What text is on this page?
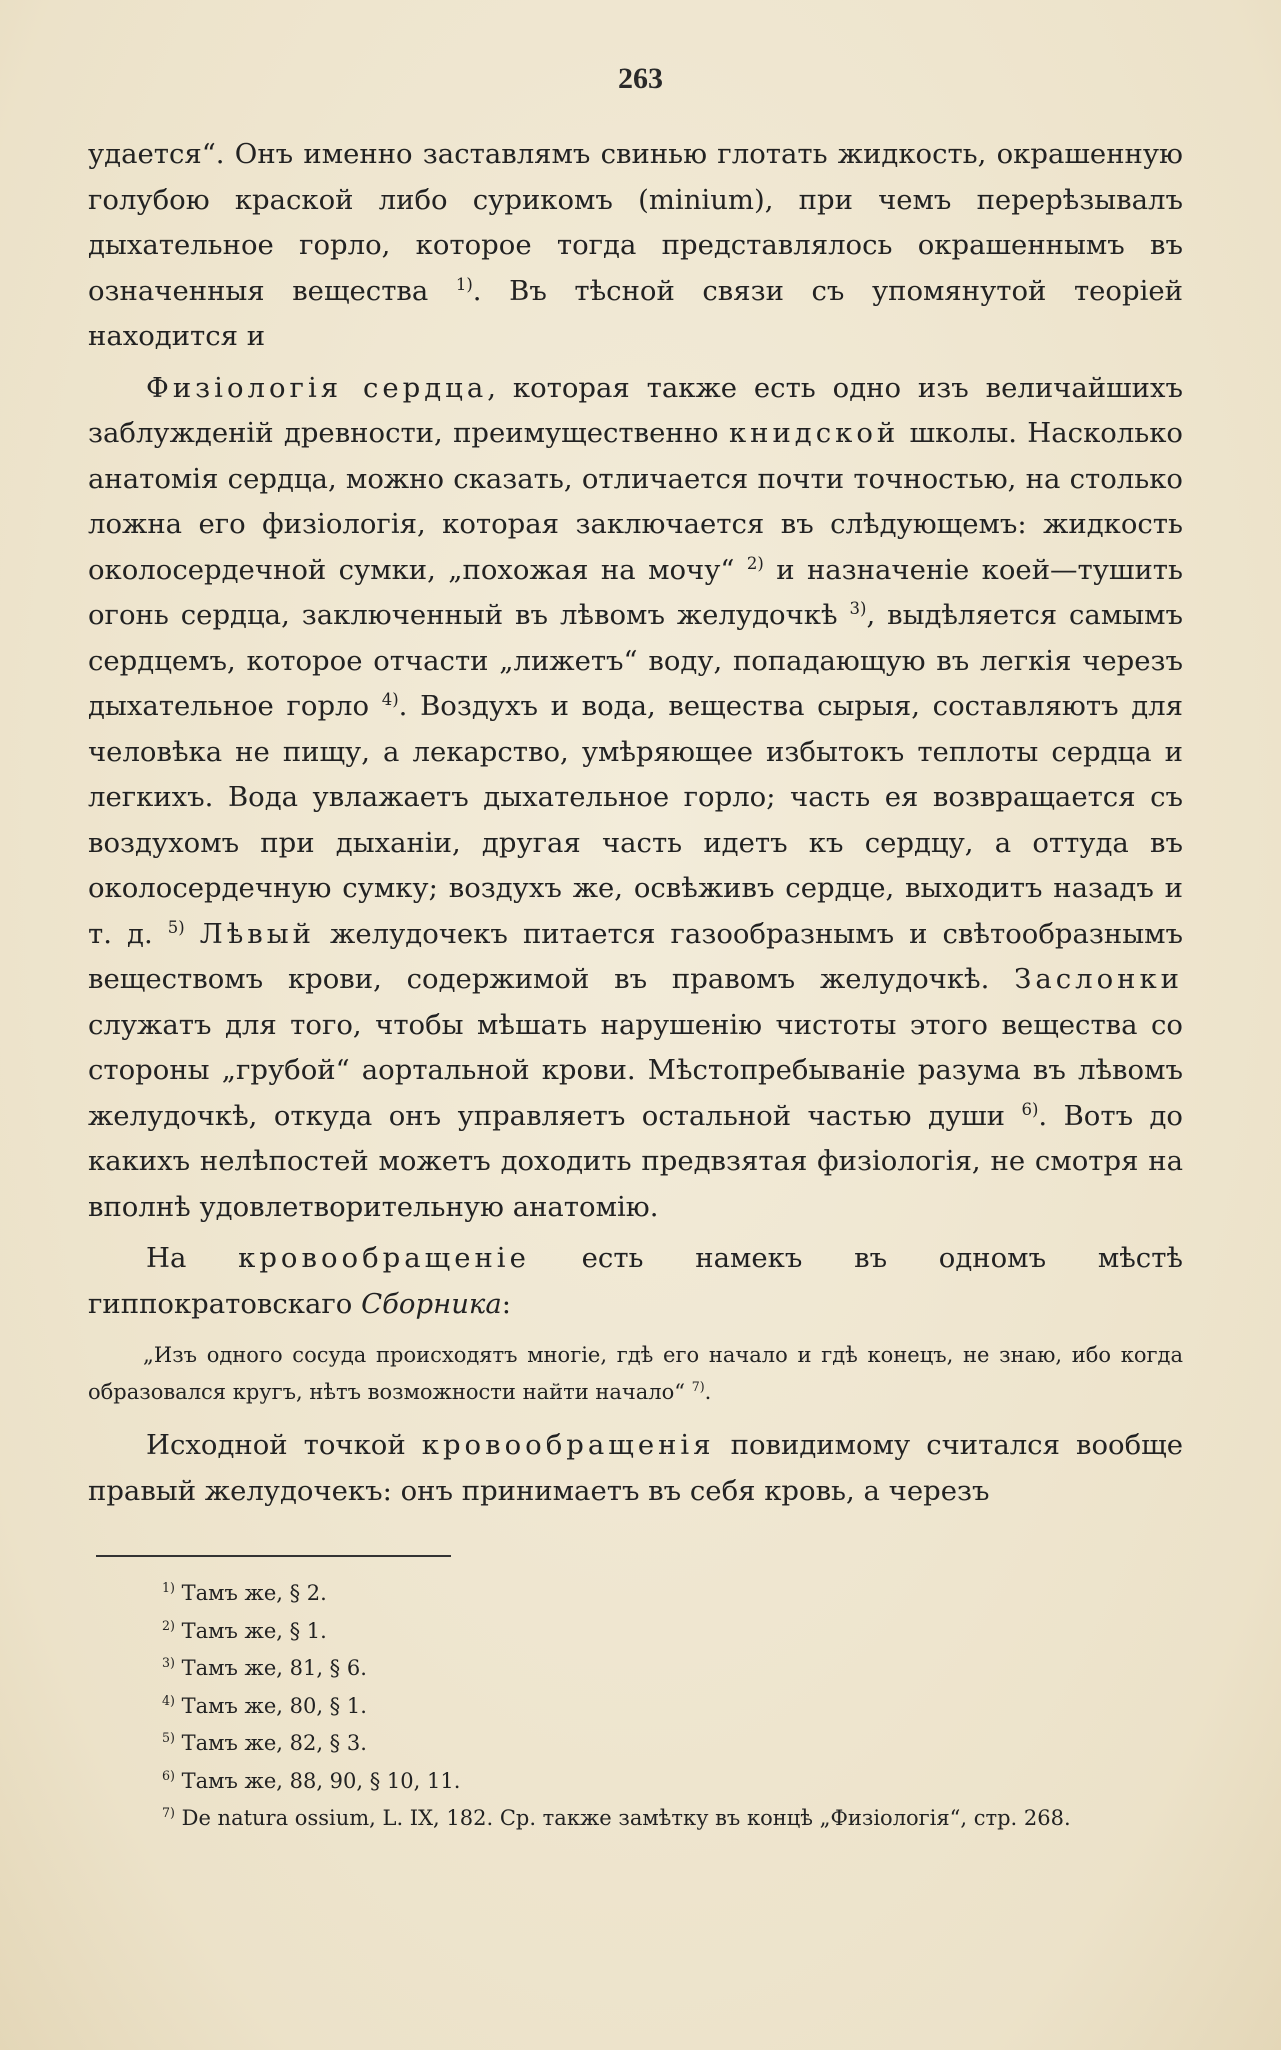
263

удается“. Онъ именно заставлямъ свинью глотать жидкость, окрашенную голубою краской либо сурикомъ (minium), при чемъ перерѣзывалъ дыхательное горло, которое тогда представлялось окрашеннымъ въ означенныя вещества $^{1)}$. Въ тѣсной связи съ упомянутой теоріей находится и

Физіологія сердца, которая также есть одно изъ величайшихъ заблужденій древности, преимущественно книдской школы. Насколько анатомія сердца, можно сказать, отличается почти точностью, на столько ложна его физіологія, которая заключается въ слѣдующемъ: жидкость околосердечной сумки, „похожая на мочу“ $^{2)}$ и назначеніе коей—тушить огонь сердца, заключенный въ лѣвомъ желудочкѣ $^{3)}$, выдѣляется самымъ сердцемъ, которое отчасти „лижетъ“ воду, попадающую въ легкія черезъ дыхательное горло $^{4)}$. Воздухъ и вода, вещества сырыя, составляютъ для человѣка не пищу, а лекарство, умѣряющее избытокъ теплоты сердца и легкихъ. Вода увлажаетъ дыхательное горло; часть ея возвращается съ воздухомъ при дыханіи, другая часть идетъ къ сердцу, а оттуда въ околосердечную сумку; воздухъ же, освѣживъ сердце, выходитъ назадъ и т. д. $^{5)}$ Лѣвый желудочекъ питается газообразнымъ и свѣтообразнымъ веществомъ крови, содержимой въ правомъ желудочкѣ. Заслонки служатъ для того, чтобы мѣшать нарушенію чистоты этого вещества со стороны „грубой“ аортальной крови. Мѣстопребываніе разума въ лѣвомъ желудочкѣ, откуда онъ управляетъ остальной частью души $^{6)}$. Вотъ до какихъ нелѣпостей можетъ доходить предвзятая физіологія, не смотря на вполнѣ удовлетворительную анатомію.

На кровообращеніе есть намекъ въ одномъ мѣстѣ гиппократовскаго Сборника:

„Изъ одного сосуда происходятъ многіе, гдѣ его начало и гдѣ конецъ, не знаю, ибо когда образовался кругъ, нѣтъ возможности найти начало“ $^{7)}$.

Исходной точкой кровообращенія повидимому считался вообще правый желудочекъ: онъ принимаетъ въ себя кровь, а черезъ

$^{1)}$ Тамъ же, § 2.
$^{2)}$ Тамъ же, § 1.
$^{3)}$ Тамъ же, 81, § 6.
$^{4)}$ Тамъ же, 80, § 1.
$^{5)}$ Тамъ же, 82, § 3.
$^{6)}$ Тамъ же, 88, 90, § 10, 11.
$^{7)}$ De natura ossium, L. IX, 182. Ср. также замѣтку въ концѣ „Физіологія“, стр. 268.
